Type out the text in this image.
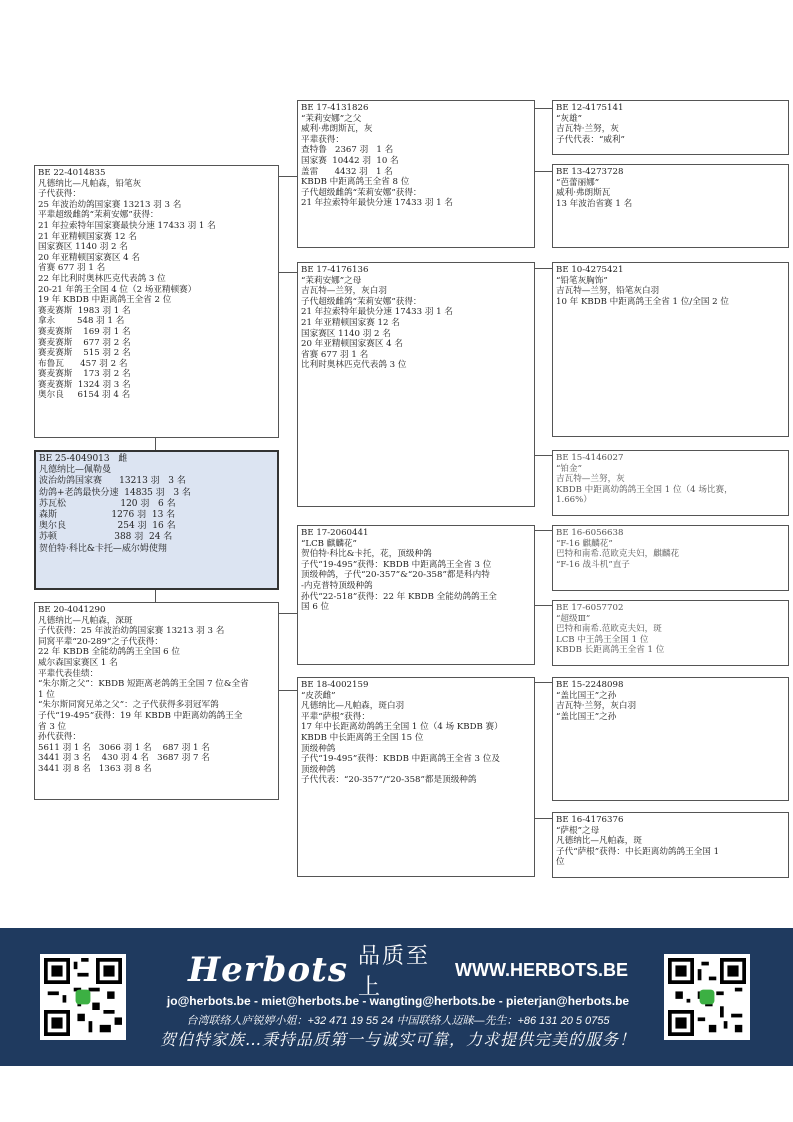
BE 22-4014835
凡德纳比—凡帕森，铅笔灰
子代获得：
25 年波治幼鸽国家赛 13213 羽 3 名
平辈超级雌鸽“茉莉安娜”获得：
21 年拉索特年国家赛最快分速 17433 羽 1 名
21 年亚精顿国家赛 12 名
国家赛区 1140 羽 2 名
20 年亚精顿国家赛区 4 名
省赛 677 羽 1 名
22 年比利时奥林匹克代表鸽 3 位
20-21 年鸽王全国 4 位（2 场亚精顿赛）
19 年 KBDB 中距离鸽王全省 2 位
赛麦赛斯  1983 羽 1 名
拿永        548 羽 1 名
赛麦赛斯    169 羽 1 名
赛麦赛斯    677 羽 2 名
赛麦赛斯    515 羽 2 名
布鲁瓦      457 羽 2 名
赛麦赛斯    173 羽 2 名
赛麦赛斯  1324 羽 3 名
奥尔良     6154 羽 4 名
BE 25-4049013   雌
凡德纳比—佩勒曼
波治幼鸽国家赛      13213 羽   3 名
幼鸽+老鸽最快分速  14835 羽   3 名
苏瓦松                   120 羽   6 名
森斯                   1276 羽  13 名
奥尔良                  254 羽  16 名
苏顿                    388 羽  24 名
贺伯特·科比&卡托—威尔姆使翔
BE 20-4041290
凡德纳比—凡帕森，深斑
子代获得：25 年波治幼鸽国家赛 13213 羽 3 名
同窝平辈“20-289”之子代获得：
22 年 KBDB 全能幼鸽鸽王全国 6 位
威尔森国家赛区 1 名
平辈代表佳绩：
“朱尔斯之父”：KBDB 短距离老鸽鸽王全国 7 位&全省
1 位
“朱尔斯同窝兄弟之父”：之子代获得多羽冠军鸽
子代“19-495”获得：19 年 KBDB 中距离幼鸽鸽王全
省 3 位
孙代获得：
5611 羽 1 名   3066 羽 1 名    687 羽 1 名
3441 羽 3 名    430 羽 4 名   3687 羽 7 名
3441 羽 8 名   1363 羽 8 名
BE 17-4131826
“茉莉安娜”之父
威利·弗朗斯瓦，灰
平辈获得：
查特鲁   2367 羽   1 名
国家赛  10442 羽  10 名
盖雷      4432 羽   1 名
KBDB 中距离鸽王全省 8 位
子代超级雌鸽“茉莉安娜”获得：
21 年拉索特年最快分速 17433 羽 1 名
BE 17-4176136
“茉莉安娜”之母
吉瓦特—兰努，灰白羽
子代超级雌鸽“茉莉安娜”获得：
21 年拉索特年最快分速 17433 羽 1 名
21 年亚精顿国家赛 12 名
国家赛区 1140 羽 2 名
20 年亚精顿国家赛区 4 名
省赛 677 羽 1 名
比利时奥林匹克代表鸽 3 位
BE 17-2060441
“LCB 麒麟花”
贺伯特·科比&卡托，花，顶级种鸽
子代“19-495”获得：KBDB 中距离鸽王全省 3 位
顶级种鸽，子代“20-357”&“20-358”都是科内特
-内克普特顶级种鸽
孙代“22-518”获得：22 年 KBDB 全能幼鸽鸽王全
国 6 位
BE 18-4002159
“皮茨雌”
凡德纳比—凡帕森，斑白羽
平辈“萨根”获得：
17 年中长距离幼鸽鸽王全国 1 位（4 场 KBDB 赛）
KBDB 中长距离鸽王全国 15 位
顶级种鸽
子代“19-495”获得：KBDB 中距离鸽王全省 3 位及
顶级种鸽
子代代表：“20-357”/“20-358”都是顶级种鸽
BE 12-4175141
“灰雄”
吉瓦特·兰努，灰
子代代表：“威利”
BE 13-4273728
“芭蕾丽娜”
威利·弗朗斯瓦
13 年波治省赛 1 名
BE 10-4275421
“铅笔灰胸饰”
吉瓦特—兰努，铅笔灰白羽
10 年 KBDB 中距离鸽王全省 1 位/全国 2 位
BE 15-4146027
“铂金”
吉瓦特—兰努，灰
KBDB 中距离幼鸽鸽王全国 1 位（4 场比赛，
1.66%）
BE 16-6056638
“F-16 麒麟花”
巴特和南希.范欧克夫妇，麒麟花
“F-16 战斗机”直子
BE 17-6057702
“超级Ⅲ”
巴特和南希.范欧克夫妇，斑
LCB 中王鸽王全国 1 位
KBDB 长距离鸽王全省 1 位
BE 15-2248098
“盖比国王”之孙
吉瓦特·兰努，灰白羽
“盖比国王”之孙
BE 16-4176376
“萨根”之母
凡德纳比—凡帕森，斑
子代“萨根”获得：中长距离幼鸽鸽王全国 1
位
Herbots 品质至上
WWW.HERBOTS.BE
jo@herbots.be - miet@herbots.be - wangting@herbots.be - pieterjan@herbots.be
台湾联络人庐锐婷小姐：+32 471 19 55 24 中国联络人迈睐—先生：+86 131 20 5 0755
贺伯特家族…秉持品质第一与诚实可靠，力求提供完美的服务！
